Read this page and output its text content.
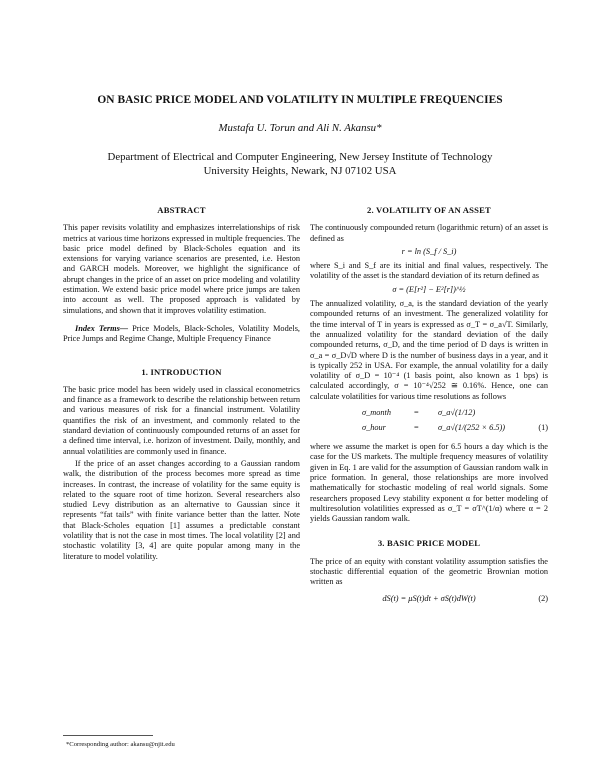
ON BASIC PRICE MODEL AND VOLATILITY IN MULTIPLE FREQUENCIES
Mustafa U. Torun and Ali N. Akansu*
Department of Electrical and Computer Engineering, New Jersey Institute of Technology
University Heights, Newark, NJ 07102 USA
ABSTRACT

This paper revisits volatility and emphasizes interrelationships of risk metrics at various time horizons expressed in multiple frequencies. The basic price model defined by Black-Scholes equation and its extensions for varying variance scenarios are presented, i.e. Heston and GARCH models. Moreover, we highlight the significance of abrupt changes in the price of an asset on price modeling and volatility estimation. We extend basic price model where price jumps are taken into account as well. The proposed approach is validated by simulations, and shown that it improves volatility estimation.

Index Terms— Price Models, Black-Scholes, Volatility Models, Price Jumps and Regime Change, Multiple Frequency Finance

1. INTRODUCTION

The basic price model has been widely used in classical econometrics and finance as a framework to describe the relationship between return and various measures of risk for a financial instrument. Volatility quantifies the risk of an investment, and commonly related to the standard deviation of continuously compounded returns of an asset for a defined time interval, i.e. horizon of investment. Daily, monthly, and annual volatilities are commonly used in finance.

If the price of an asset changes according to a Gaussian random walk, the distribution of the process becomes more spread as time increases. In contrast, the increase of volatility for the same equity is related to the square root of time horizon. Several researchers also studied Levy distribution as an alternative to Gaussian since it represents “fat tails” with finite variance better than the latter. Note that Black-Scholes equation [1] assumes a predictable constant volatility that is not the case in most times. The local volatility [2] and stochastic volatility [3, 4] are quite popular among many in the literature to model volatility.

*Corresponding author: akansu@njit.edu
2. VOLATILITY OF AN ASSET

The continuously compounded return (logarithmic return) of an asset is defined as

r = ln (S_f / S_i)

where S_i and S_f are its initial and final values, respectively. The volatility of the asset is the standard deviation of its return defined as

σ = (E[r²] − E²[r])^½

The annualized volatility, σ_a, is the standard deviation of the yearly compounded returns of an investment. The generalized volatility for the time interval of T in years is expressed as σ_T = σ_a√T. Similarly, the annualized volatility for the standard deviation of the daily compounded returns, σ_D, and the time period of D days is written in σ_a = σ_D√D where D is the number of business days in a year, and it is typically 252 in USA. For example, the annual volatility for a daily volatility of σ_D = 10⁻⁴ (1 basis point, also known as 1 bps) is calculated accordingly, σ = 10⁻⁴√252 ≅ 0.16%. Hence, one can calculate volatilities for various time resolutions as follows

σ_month	= σ_a√(1/12)
σ_hour	= σ_a√(1/(252 × 6.5))	(1)

where we assume the market is open for 6.5 hours a day which is the case for the US markets. The multiple frequency measures of volatility given in Eq. 1 are valid for the assumption of Gaussian random walk in price formation. In general, those relationships are more involved mathematically for stochastic modeling of real world signals. Some researchers proposed Levy stability exponent α for better modeling of multiresolution volatilities expressed as σ_T = σT^(1/α) where α = 2 yields Gaussian random walk.

3. BASIC PRICE MODEL

The price of an equity with constant volatility assumption satisfies the stochastic differential equation of the geometric Brownian motion written as

dS(t) = μS(t)dt + σS(t)dW(t)	(2)
